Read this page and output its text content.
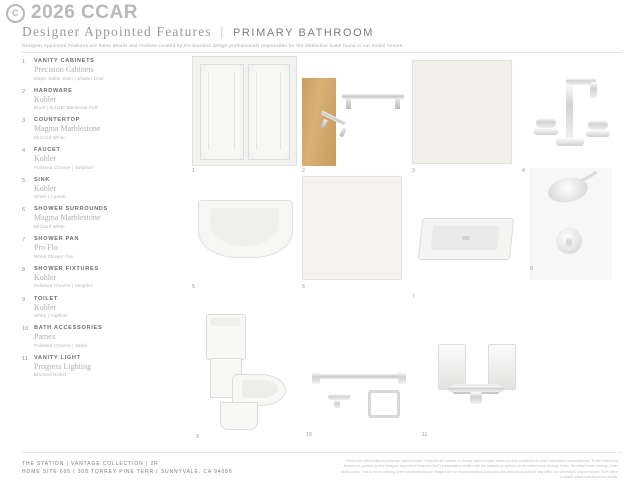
C 2026 CCAR
Designer Appointed Features | PRIMARY BATHROOM
Designer Appointed Features are home details and finishes curated by the branded design professionals responsible for the distinctive looks found in our model homes.
1	VANITY CABINETS
Precision Cabinets
Maple Sable Stain | Shaker Door
2	HARDWARE
Kohler
Black | 5-1/16" Blackrock Pull
3	COUNTERTOP
Magma Marblestone
Blizzard White
4	FAUCET
Kohler
Polished Chrome | Simplice
5	SINK
Kohler
White | Caxton
6	SHOWER SURROUNDS
Magma Marblestone
Blizzard White
7	SHOWER PAN
Pro Flo
White Shower Pan
8	SHOWER FIXTURES
Kohler
Polished Chrome | Simplice
9	TOILET
Kohler
White | Highline
10	BATH ACCESSORIES
Pamex
Polished Chrome | Sable
11	VANITY LIGHT
Progress Lighting
Brushed Nickel
1	2	3	4
5	6
7
8
9	10	11
THE STATION | VANTAGE COLLECTION | 2R
HOME SITE 605 | 308 TORREY PINE TERR | SUNNYVALE, CA 94086
Prices and offers subject to change without notice. Products are subject to change without notice based on field conditions or other unforeseen circumstances. To the extent any features or options on this Designer Appointed Features (DAF) presentation conflict with the features or options on the initial Home Change Order, the initial Home Change Order shall control. This is not an offering where prohibited by law. Images are for representational purposes only and actual product may differ. Not all images may be shown. See online or onsite sales consultants for details.
